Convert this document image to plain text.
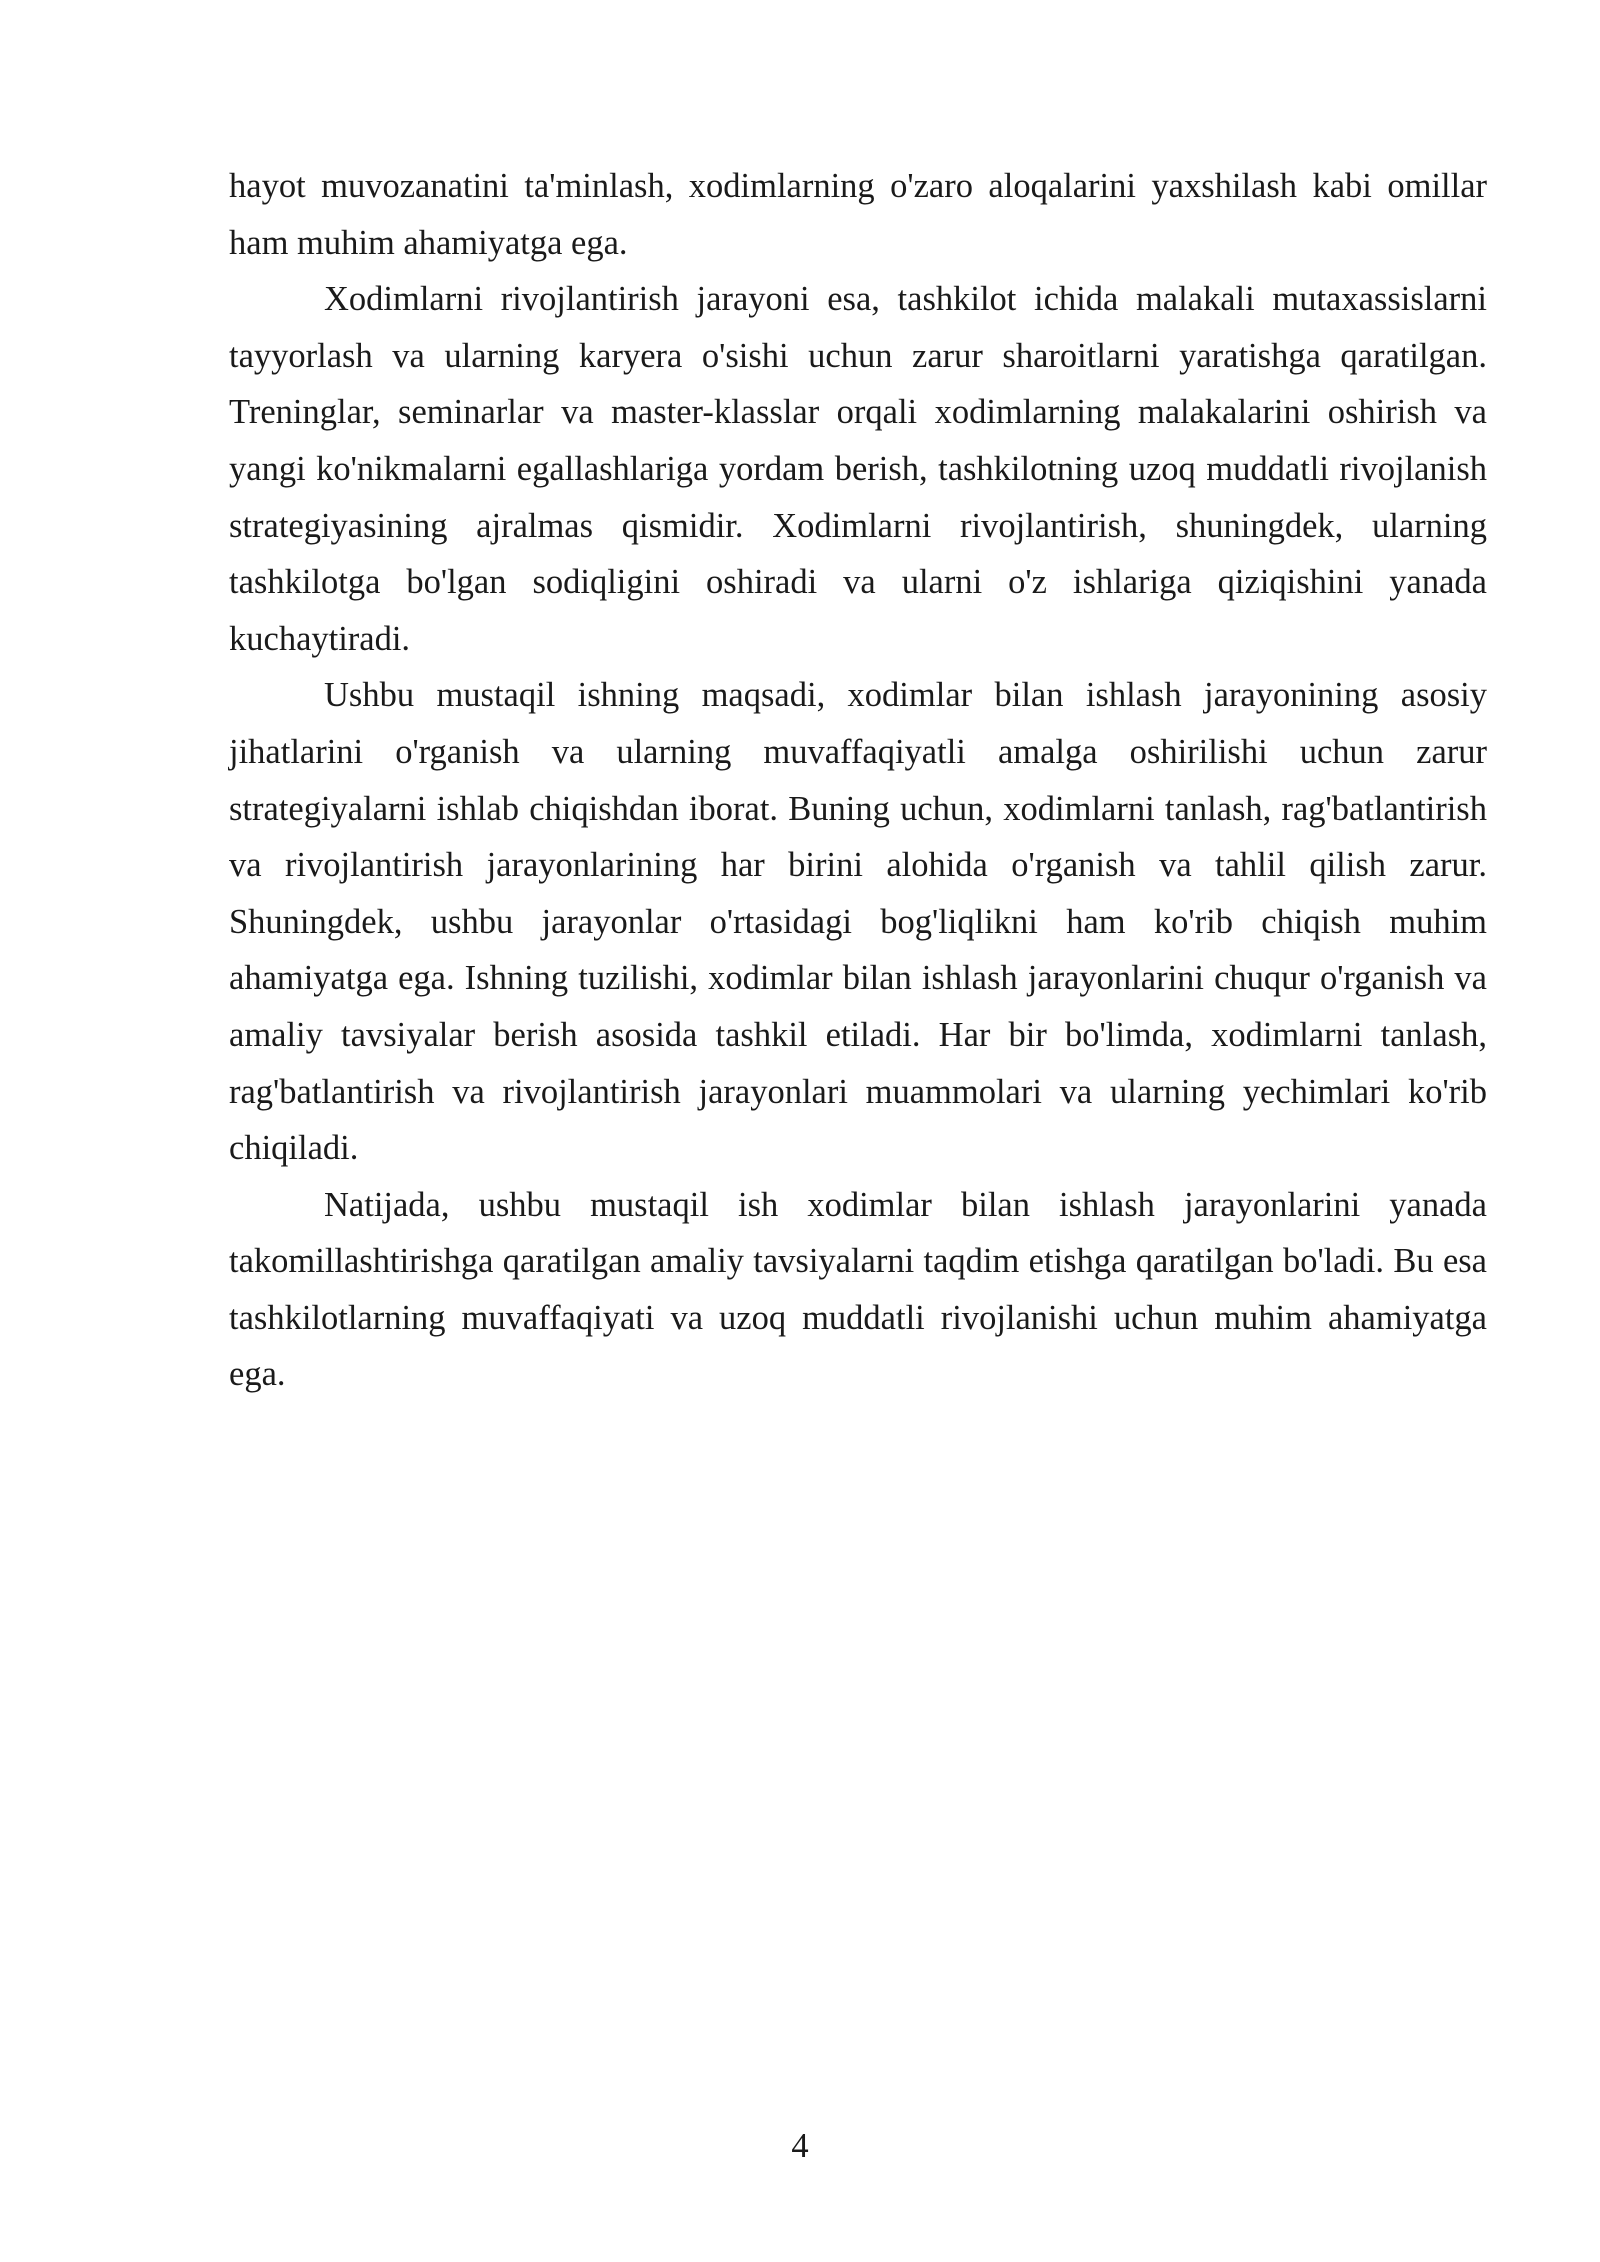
hayot muvozanatini ta'minlash, xodimlarning o'zaro aloqalarini yaxshilash kabi omillar ham muhim ahamiyatga ega.

Xodimlarni rivojlantirish jarayoni esa, tashkilot ichida malakali mutaxassislarni tayyorlash va ularning karyera o'sishi uchun zarur sharoitlarni yaratishga qaratilgan. Treninglar, seminarlar va master-klasslar orqali xodimlarning malakalarini oshirish va yangi ko'nikmalarni egallashlariga yordam berish, tashkilotning uzoq muddatli rivojlanish strategiyasining ajralmas qismidir. Xodimlarni rivojlantirish, shuningdek, ularning tashkilotga bo'lgan sodiqligini oshiradi va ularni o'z ishlariga qiziqishini yanada kuchaytiradi.

Ushbu mustaqil ishning maqsadi, xodimlar bilan ishlash jarayonining asosiy jihatlarini o'rganish va ularning muvaffaqiyatli amalga oshirilishi uchun zarur strategiyalarni ishlab chiqishdan iborat. Buning uchun, xodimlarni tanlash, rag'batlantirish va rivojlantirish jarayonlarining har birini alohida o'rganish va tahlil qilish zarur. Shuningdek, ushbu jarayonlar o'rtasidagi bog'liqlikni ham ko'rib chiqish muhim ahamiyatga ega. Ishning tuzilishi, xodimlar bilan ishlash jarayonlarini chuqur o'rganish va amaliy tavsiyalar berish asosida tashkil etiladi. Har bir bo'limda, xodimlarni tanlash, rag'batlantirish va rivojlantirish jarayonlari muammolari va ularning yechimlari ko'rib chiqiladi.

Natijada, ushbu mustaqil ish xodimlar bilan ishlash jarayonlarini yanada takomillashtirishga qaratilgan amaliy tavsiyalarni taqdim etishga qaratilgan bo'ladi. Bu esa tashkilotlarning muvaffaqiyati va uzoq muddatli rivojlanishi uchun muhim ahamiyatga ega.

4
